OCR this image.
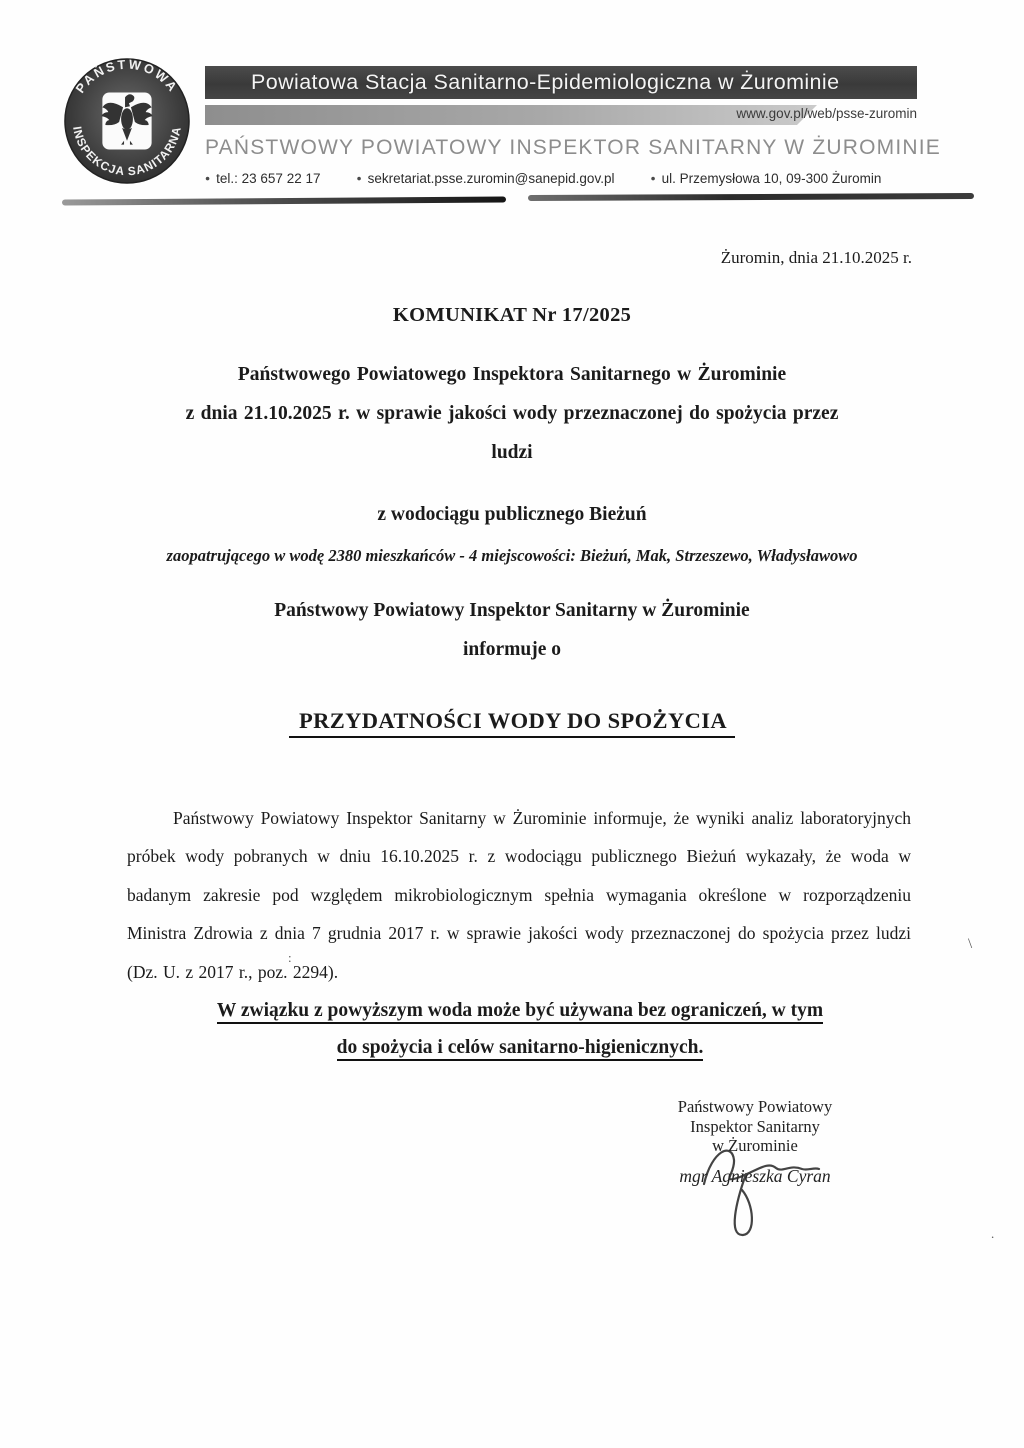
PAŃSTWOWA
INSPEKCJA SANITARNA
Powiatowa Stacja Sanitarno-Epidemiologiczna w Żurominie
www.gov.pl/web/psse-zuromin
PAŃSTWOWY POWIATOWY INSPEKTOR SANITARNY W ŻUROMINIE
● tel.: 23 657 22 17	● sekretariat.psse.zuromin@sanepid.gov.pl	● ul. Przemysłowa 10, 09-300 Żuromin
Żuromin, dnia 21.10.2025 r.
KOMUNIKAT Nr 17/2025
Państwowego Powiatowego Inspektora Sanitarnego w Żurominie
z dnia 21.10.2025 r. w sprawie jakości wody przeznaczonej do spożycia przez
ludzi
z wodociągu publicznego Bieżuń
zaopatrującego w wodę 2380 mieszkańców - 4 miejscowości: Bieżuń, Mak, Strzeszewo, Władysławowo
Państwowy Powiatowy Inspektor Sanitarny w Żurominie
informuje o
PRZYDATNOŚCI WODY DO SPOŻYCIA

Państwowy Powiatowy Inspektor Sanitarny w Żurominie informuje, że wyniki analiz laboratoryjnych próbek wody pobranych w dniu 16.10.2025 r. z wodociągu publicznego Bieżuń wykazały, że woda w badanym zakresie pod względem mikrobiologicznym spełnia wymagania określone w rozporządzeniu Ministra Zdrowia z dnia 7 grudnia 2017 r. w sprawie jakości wody przeznaczonej do spożycia przez ludzi (Dz. U. z 2017 r., poz. 2294).

W związku z powyższym woda może być używana bez ograniczeń, w tym
do spożycia i celów sanitarno-higienicznych.
Państwowy Powiatowy
Inspektor Sanitarny
w Żurominie
mgr Agnieszka Cyran
:
\
.
